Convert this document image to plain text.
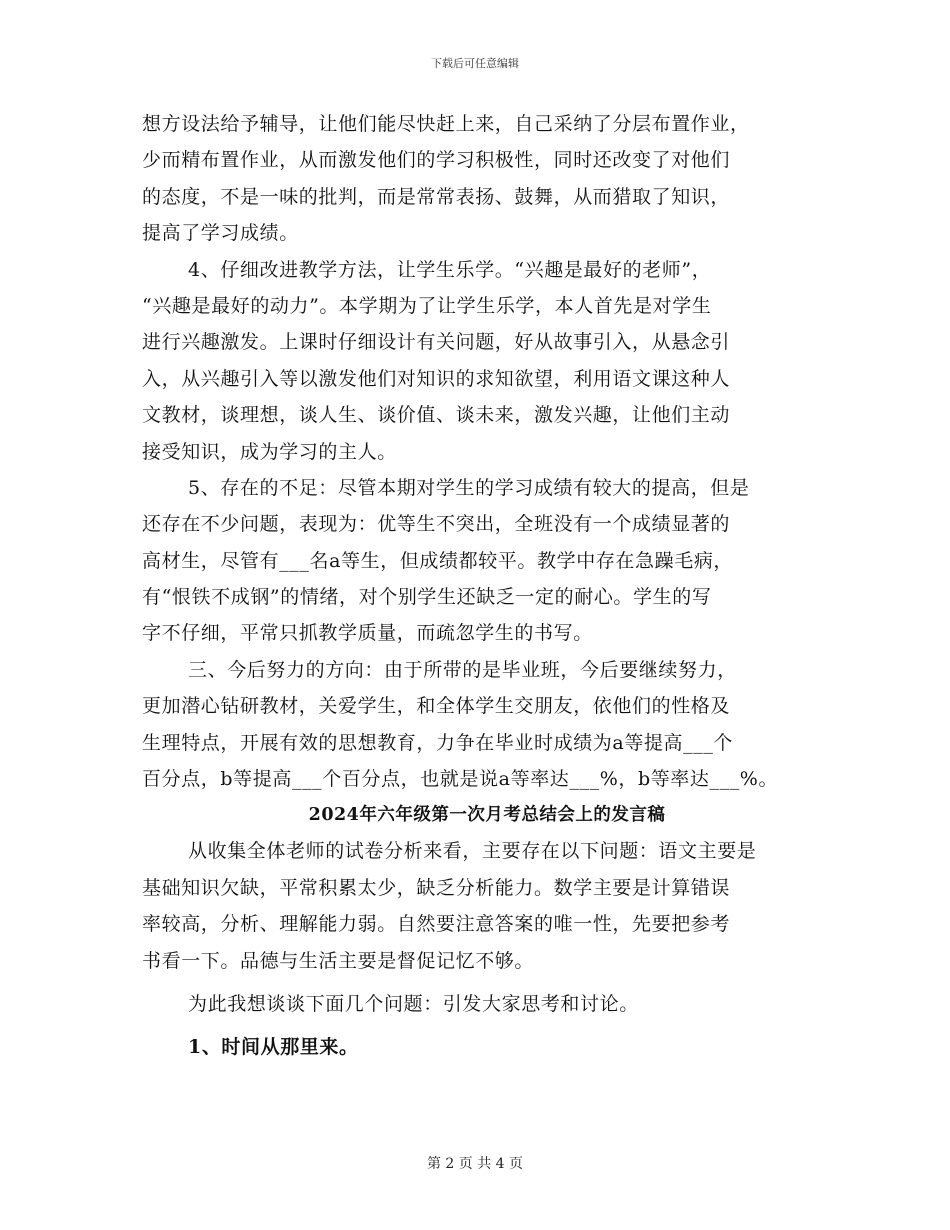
下载后可任意编辑
想方设法给予辅导，让他们能尽快赶上来，自己采纳了分层布置作业，
少而精布置作业，从而激发他们的学习积极性，同时还改变了对他们
的态度，不是一味的批判，而是常常表扬、鼓舞，从而猎取了知识，
提高了学习成绩。
4、仔细改进教学方法，让学生乐学。“兴趣是最好的老师”，
“兴趣是最好的动力”。本学期为了让学生乐学，本人首先是对学生
进行兴趣激发。上课时仔细设计有关问题，好从故事引入，从悬念引
入，从兴趣引入等以激发他们对知识的求知欲望，利用语文课这种人
文教材，谈理想，谈人生、谈价值、谈未来，激发兴趣，让他们主动
接受知识，成为学习的主人。
5、存在的不足：尽管本期对学生的学习成绩有较大的提高，但是
还存在不少问题，表现为：优等生不突出，全班没有一个成绩显著的
高材生，尽管有___名a等生，但成绩都较平。教学中存在急躁毛病，
有“恨铁不成钢”的情绪，对个别学生还缺乏一定的耐心。学生的写
字不仔细，平常只抓教学质量，而疏忽学生的书写。
三、今后努力的方向：由于所带的是毕业班，今后要继续努力，
更加潜心钻研教材，关爱学生，和全体学生交朋友，依他们的性格及
生理特点，开展有效的思想教育，力争在毕业时成绩为a等提高___个
百分点，b等提高___个百分点，也就是说a等率达___%，b等率达___%。
2024年六年级第一次月考总结会上的发言稿
从收集全体老师的试卷分析来看，主要存在以下问题：语文主要是
基础知识欠缺，平常积累太少，缺乏分析能力。数学主要是计算错误
率较高，分析、理解能力弱。自然要注意答案的唯一性，先要把参考
书看一下。品德与生活主要是督促记忆不够。
为此我想谈谈下面几个问题：引发大家思考和讨论。
1、时间从那里来。
第 2 页 共 4 页
